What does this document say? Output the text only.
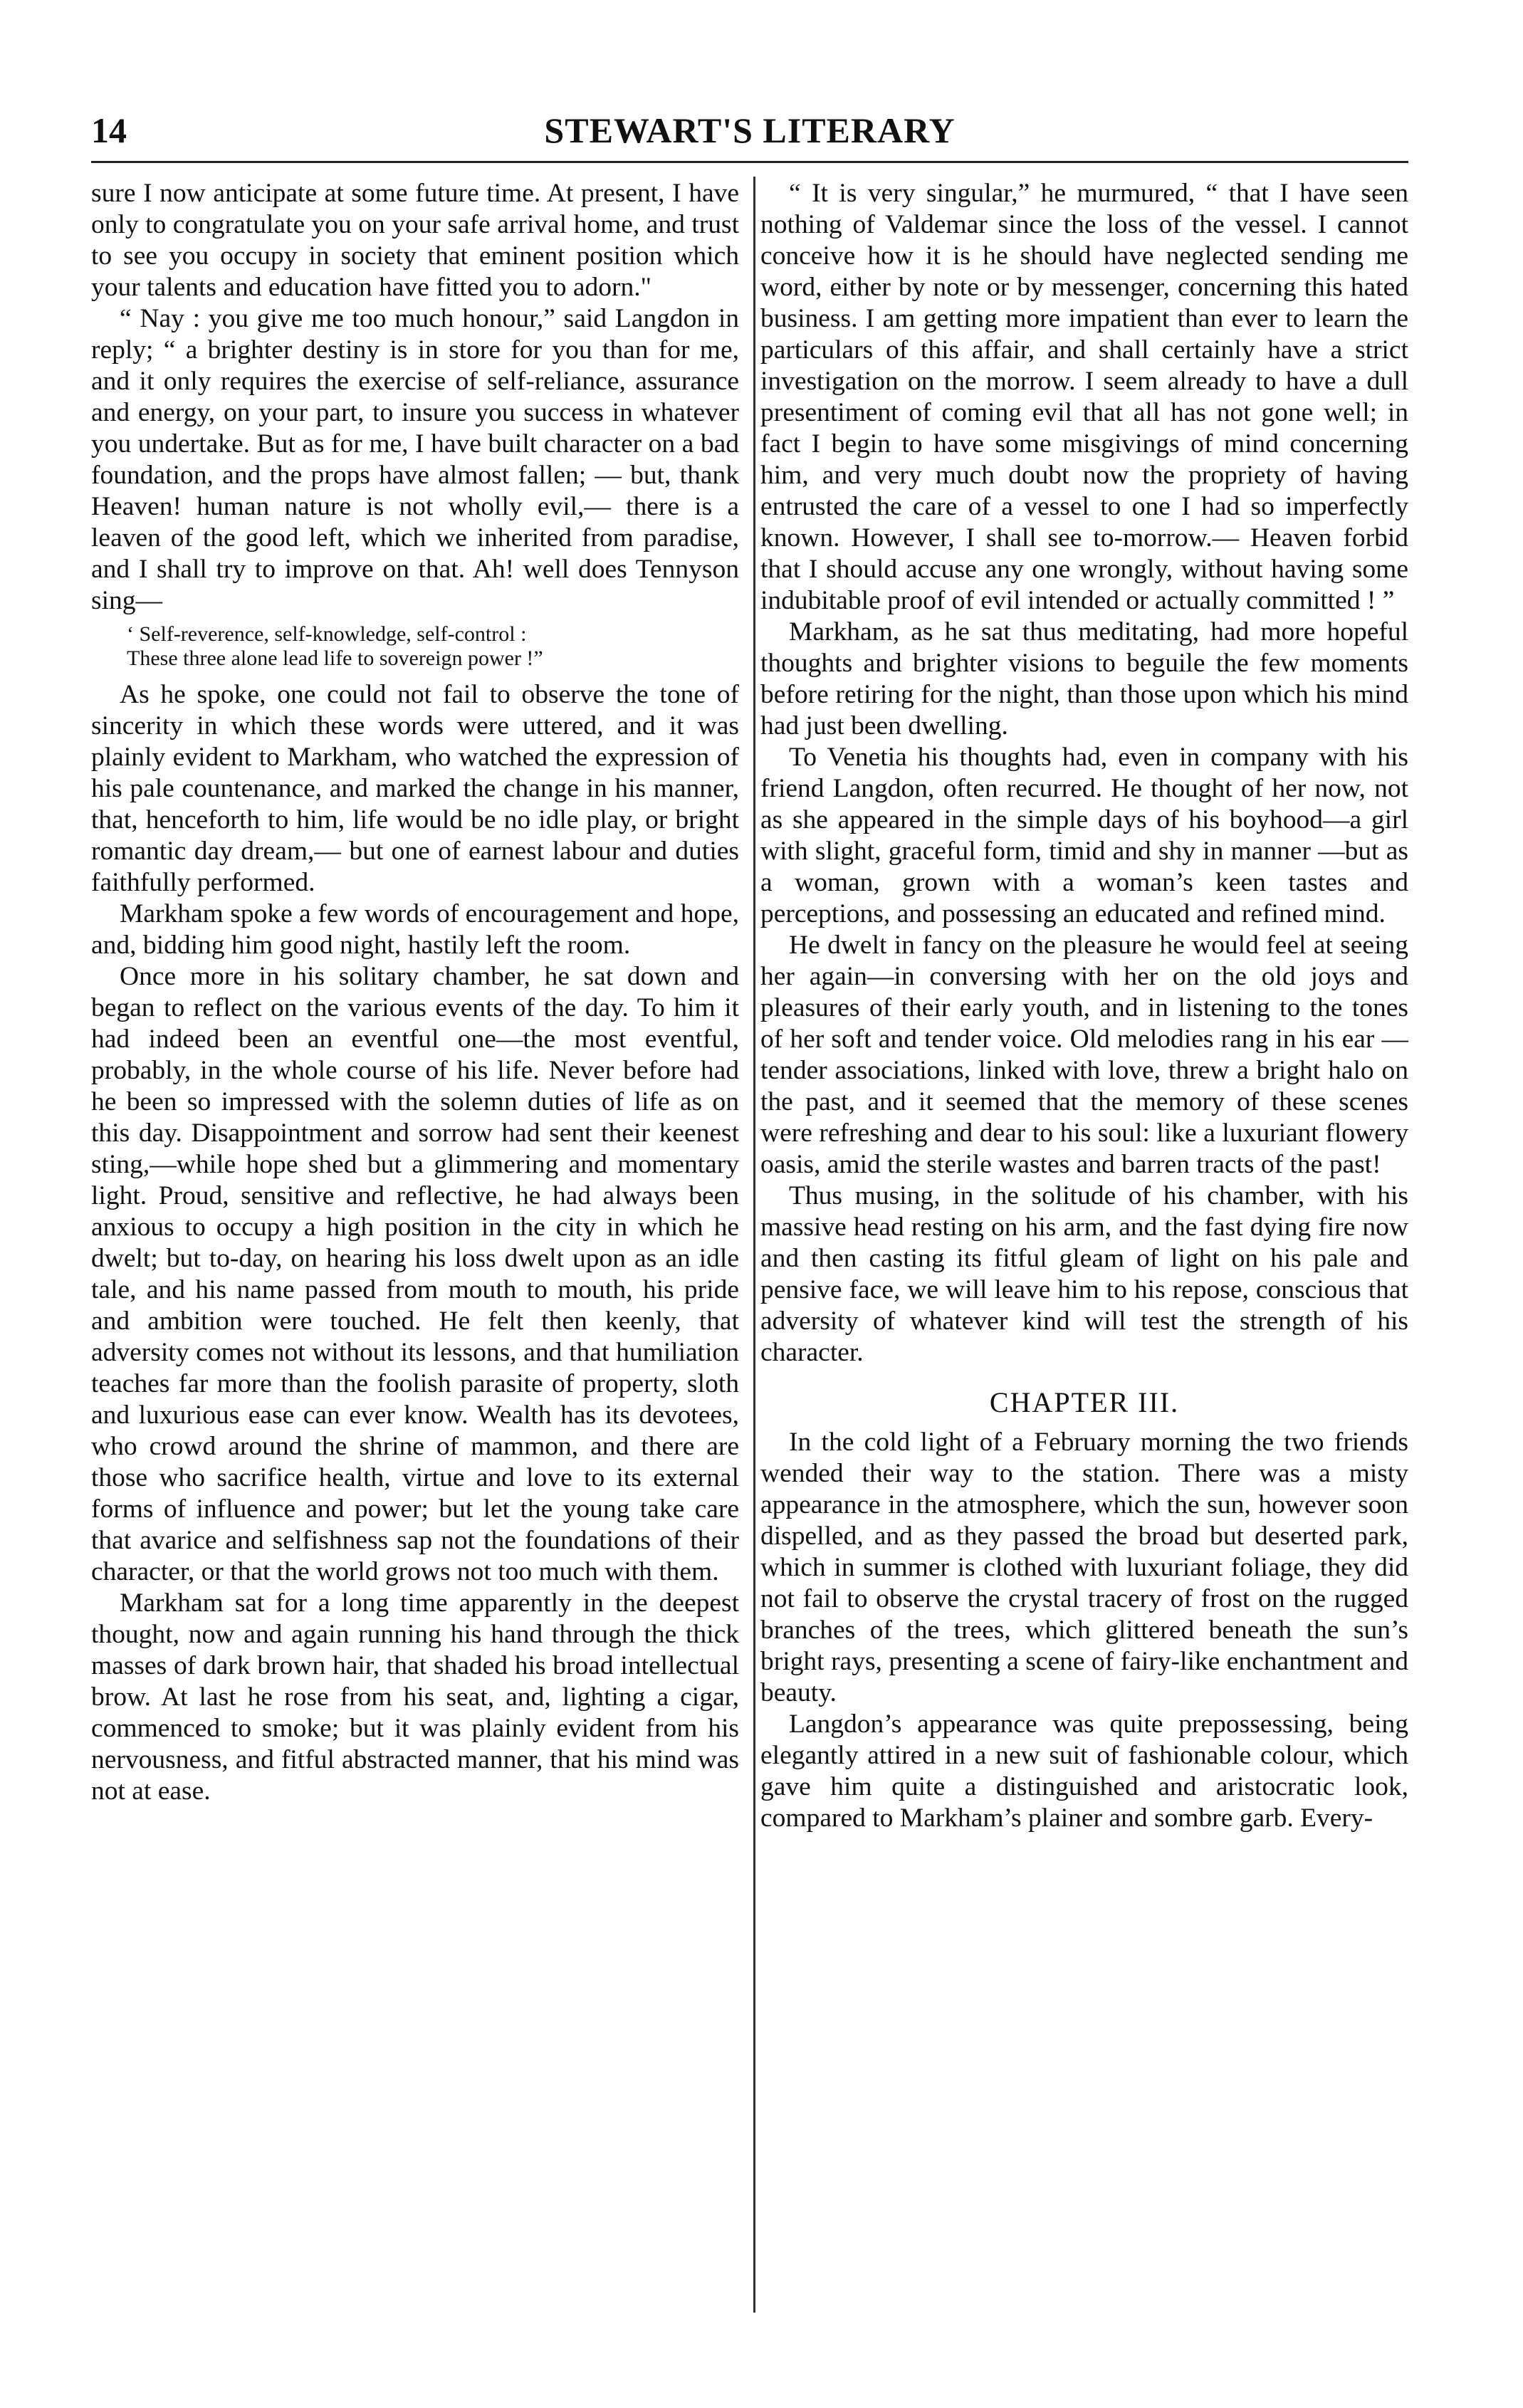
14	STEWART'S LITERARY

sure I now anticipate at some future time. At present, I have only to congratulate you on your safe arrival home, and trust to see you occupy in society that eminent position which your talents and education have fitted you to adorn."

“ Nay : you give me too much honour,” said Langdon in reply; “ a brighter destiny is in store for you than for me, and it only requires the exercise of self-reliance, assurance and energy, on your part, to insure you success in whatever you undertake. But as for me, I have built character on a bad foundation, and the props have almost fallen; — but, thank Heaven! human nature is not wholly evil,— there is a leaven of the good left, which we inherited from paradise, and I shall try to improve on that. Ah! well does Tennyson sing—

‘ Self-reverence, self-knowledge, self-control :
These three alone lead life to sovereign power !”

As he spoke, one could not fail to observe the tone of sincerity in which these words were uttered, and it was plainly evident to Markham, who watched the expression of his pale countenance, and marked the change in his manner, that, henceforth to him, life would be no idle play, or bright romantic day dream,— but one of earnest labour and duties faithfully performed.

Markham spoke a few words of encouragement and hope, and, bidding him good night, hastily left the room.

Once more in his solitary chamber, he sat down and began to reflect on the various events of the day. To him it had indeed been an eventful one—the most eventful, probably, in the whole course of his life. Never before had he been so impressed with the solemn duties of life as on this day. Disappointment and sorrow had sent their keenest sting,—while hope shed but a glimmering and momentary light. Proud, sensitive and reflective, he had always been anxious to occupy a high position in the city in which he dwelt; but to-day, on hearing his loss dwelt upon as an idle tale, and his name passed from mouth to mouth, his pride and ambition were touched. He felt then keenly, that adversity comes not without its lessons, and that humiliation teaches far more than the foolish parasite of property, sloth and luxurious ease can ever know. Wealth has its devotees, who crowd around the shrine of mammon, and there are those who sacrifice health, virtue and love to its external forms of influence and power; but let the young take care that avarice and selfishness sap not the foundations of their character, or that the world grows not too much with them.

Markham sat for a long time apparently in the deepest thought, now and again running his hand through the thick masses of dark brown hair, that shaded his broad intellectual brow. At last he rose from his seat, and, lighting a cigar, commenced to smoke; but it was plainly evident from his nervousness, and fitful abstracted manner, that his mind was not at ease.

“ It is very singular,” he murmured, “ that I have seen nothing of Valdemar since the loss of the vessel. I cannot conceive how it is he should have neglected sending me word, either by note or by messenger, concerning this hated business. I am getting more impatient than ever to learn the particulars of this affair, and shall certainly have a strict investigation on the morrow. I seem already to have a dull presentiment of coming evil that all has not gone well; in fact I begin to have some misgivings of mind concerning him, and very much doubt now the propriety of having entrusted the care of a vessel to one I had so imperfectly known. However, I shall see to-morrow.— Heaven forbid that I should accuse any one wrongly, without having some indubitable proof of evil intended or actually committed ! ”

Markham, as he sat thus meditating, had more hopeful thoughts and brighter visions to beguile the few moments before retiring for the night, than those upon which his mind had just been dwelling.

To Venetia his thoughts had, even in company with his friend Langdon, often recurred. He thought of her now, not as she appeared in the simple days of his boyhood—a girl with slight, graceful form, timid and shy in manner —but as a woman, grown with a woman’s keen tastes and perceptions, and possessing an educated and refined mind.

He dwelt in fancy on the pleasure he would feel at seeing her again—in conversing with her on the old joys and pleasures of their early youth, and in listening to the tones of her soft and tender voice. Old melodies rang in his ear — tender associations, linked with love, threw a bright halo on the past, and it seemed that the memory of these scenes were refreshing and dear to his soul: like a luxuriant flowery oasis, amid the sterile wastes and barren tracts of the past!

Thus musing, in the solitude of his chamber, with his massive head resting on his arm, and the fast dying fire now and then casting its fitful gleam of light on his pale and pensive face, we will leave him to his repose, conscious that adversity of whatever kind will test the strength of his character.

CHAPTER III.

In the cold light of a February morning the two friends wended their way to the station. There was a misty appearance in the atmosphere, which the sun, however soon dispelled, and as they passed the broad but deserted park, which in summer is clothed with luxuriant foliage, they did not fail to observe the crystal tracery of frost on the rugged branches of the trees, which glittered beneath the sun’s bright rays, presenting a scene of fairy-like enchantment and beauty.

Langdon’s appearance was quite prepossessing, being elegantly attired in a new suit of fashionable colour, which gave him quite a distinguished and aristocratic look, compared to Markham’s plainer and sombre garb. Every-
